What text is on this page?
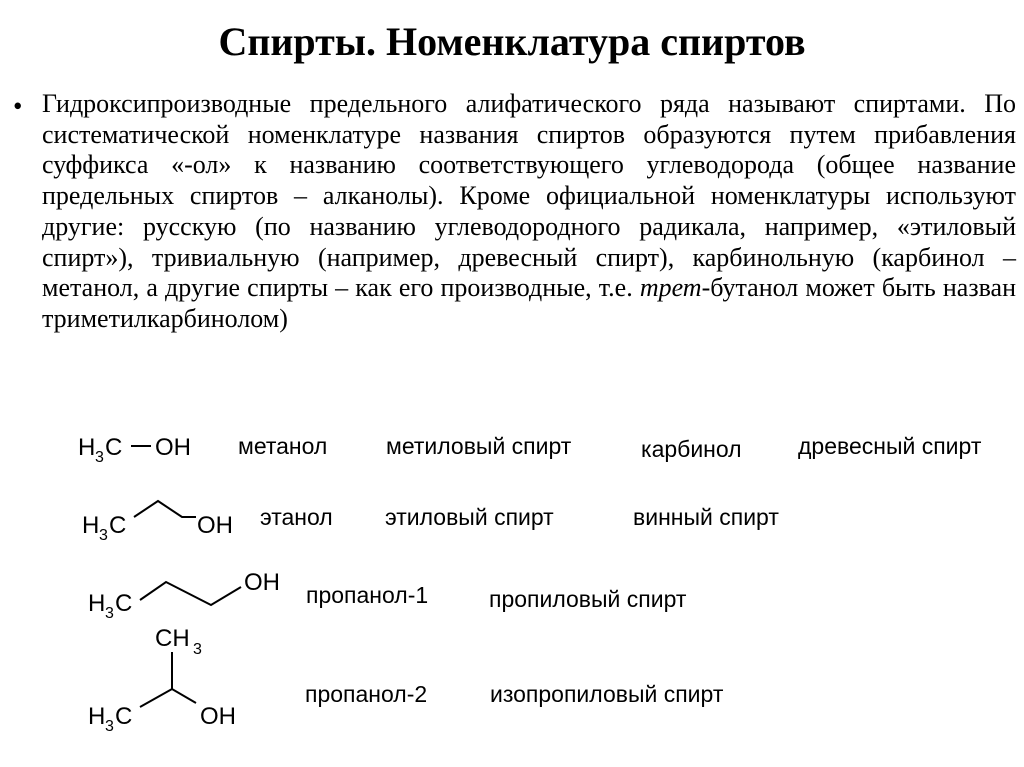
Спирты. Номенклатура спиртов
• Гидроксипроизводные предельного алифатического ряда называют спиртами. По систематической номенклатуре названия спиртов образуются путем прибавления суффикса «-ол» к названию соответствующего углеводорода (общее название предельных спиртов – алканолы). Кроме официальной номенклатуры используют другие: русскую (по названию углеводородного радикала, например, «этиловый спирт»), тривиальную (например, древесный спирт), карбинольную (карбинол – метанол, а другие спирты – как его производные, т.е. трет-бутанол может быть назван триметилкарбинолом)
метанол	метиловый спирт	карбинол древесный спирт
этанол этиловый спирт	винный спирт
пропанол-1	пропиловый спирт
пропанол-2	изопропиловый спирт
H 3 C OH
H 3 C	OH
H 3 C
OH
CH 3
H 3 C	OH
